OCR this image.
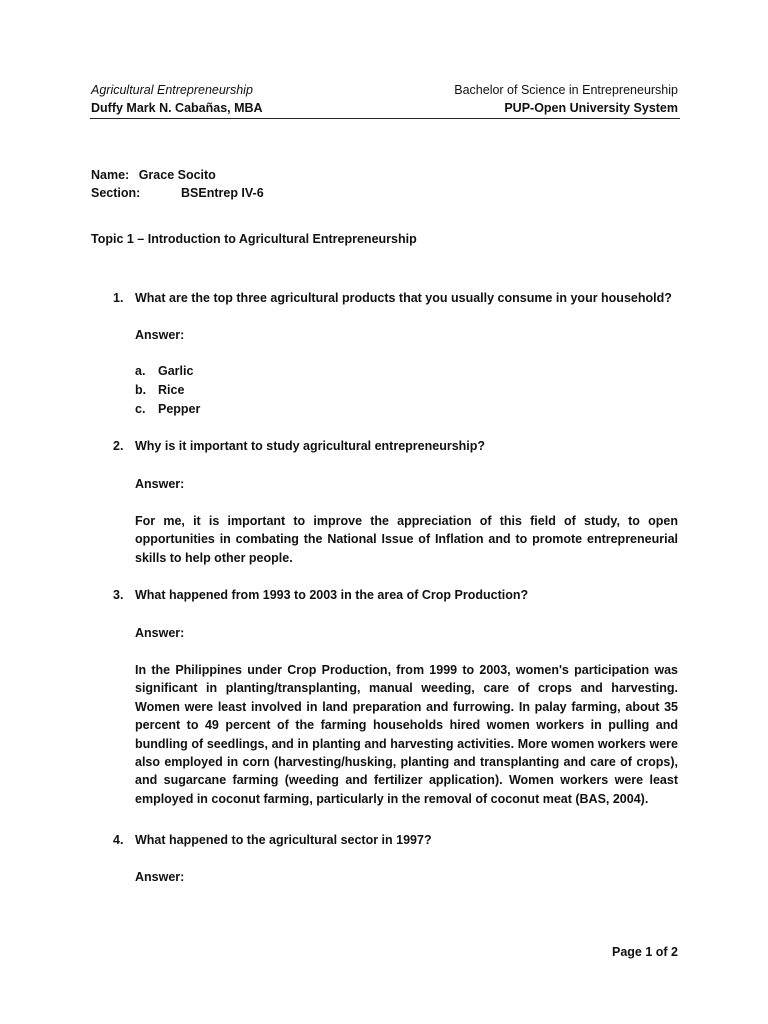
Agricultural Entrepreneurship
Duffy Mark N. Cabañas, MBA
Bachelor of Science in Entrepreneurship
PUP-Open University System
Name: Grace Socito
Section:	BSEntrep IV-6
Topic 1 – Introduction to Agricultural Entrepreneurship
1. What are the top three agricultural products that you usually consume in your household?
Answer:
a. Garlic
b. Rice
c. Pepper
2. Why is it important to study agricultural entrepreneurship?
Answer:
For me, it is important to improve the appreciation of this field of study, to open opportunities in combating the National Issue of Inflation and to promote entrepreneurial skills to help other people.
3. What happened from 1993 to 2003 in the area of Crop Production?
Answer:
In the Philippines under Crop Production, from 1999 to 2003, women's participation was significant in planting/transplanting, manual weeding, care of crops and harvesting. Women were least involved in land preparation and furrowing. In palay farming, about 35 percent to 49 percent of the farming households hired women workers in pulling and bundling of seedlings, and in planting and harvesting activities. More women workers were also employed in corn (harvesting/husking, planting and transplanting and care of crops), and sugarcane farming (weeding and fertilizer application). Women workers were least employed in coconut farming, particularly in the removal of coconut meat (BAS, 2004).
4. What happened to the agricultural sector in 1997?
Answer:
Page 1 of 2
